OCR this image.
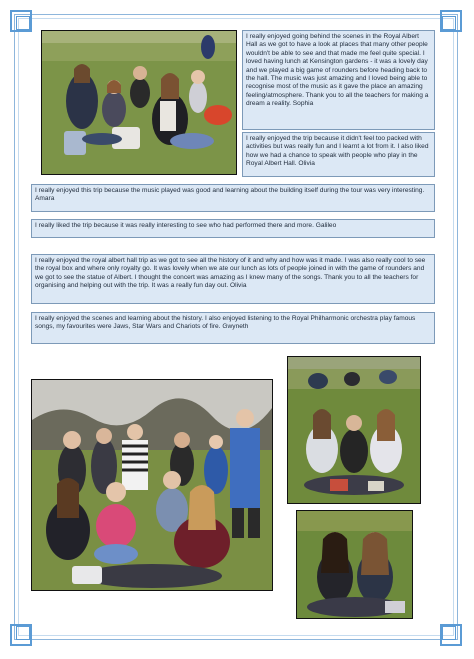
I really enjoyed going behind the scenes in the Royal Albert Hall as we got to have a look at places that many other people wouldn't be able to see and that made me feel quite special. I loved having lunch at Kensington gardens - it was a lovely day and we played a big game of rounders before heading back to the hall. The music was just amazing and I loved being able to recognise most of the music as it gave the place an amazing feeling/atmosphere. Thank you to all the teachers for making a dream a reality. Sophia
I really enjoyed the trip because it didn't feel too packed with activities but was really fun and I learnt a lot from it. I also liked how we had a chance to speak with people who play in the Royal Albert Hall. Olivia
I really enjoyed this trip because the music played was good and learning about the building itself during the tour was very interesting. Amara
I really liked the trip because it was really interesting to see who had performed there and more. Galileo
I really enjoyed the royal albert hall trip as we got to see all the history of it and why and how was it made. I was also really cool to see the royal box and where only royalty go. It was lovely when we ate our lunch as lots of people joined in with the game of rounders and we got to see the statue of Albert. I thought the concert was amazing as I knew many of the songs. Thank you to all the teachers for organising and helping out with the trip. It was a really fun day out. Olivia
I really enjoyed the scenes and learning about the history. I also enjoyed listening to the Royal Philharmonic orchestra play famous songs, my favourites were Jaws, Star Wars and Chariots of fire. Gwyneth
